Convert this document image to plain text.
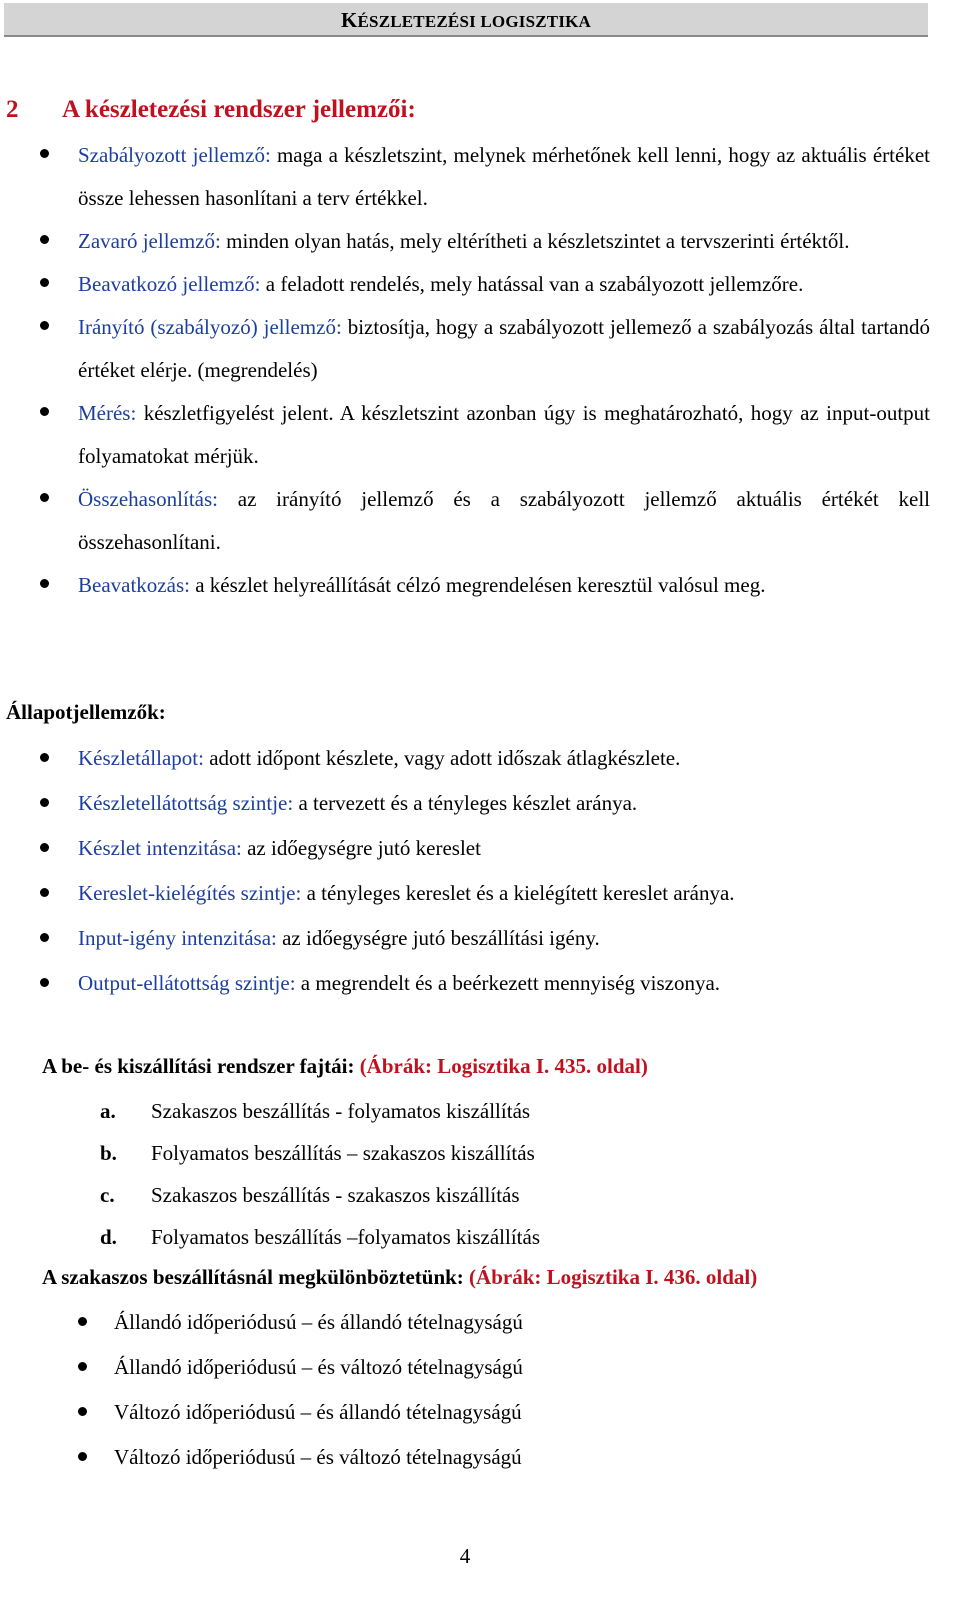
KÉSZLETEZÉSI LOGISZTIKA
2 A készletezési rendszer jellemzői:
Szabályozott jellemző: maga a készletszint, melynek mérhetőnek kell lenni, hogy az aktuális értéket össze lehessen hasonlítani a terv értékkel.
Zavaró jellemző: minden olyan hatás, mely eltérítheti a készletszintet a tervszerinti értéktől.
Beavatkozó jellemző: a feladott rendelés, mely hatással van a szabályozott jellemzőre.
Irányító (szabályozó) jellemző: biztosítja, hogy a szabályozott jellemező a szabályozás által tartandó értéket elérje. (megrendelés)
Mérés: készletfigyelést jelent. A készletszint azonban úgy is meghatározható, hogy az input-output folyamatokat mérjük.
Összehasonlítás: az irányító jellemző és a szabályozott jellemző aktuális értékét kell összehasonlítani.
Beavatkozás: a készlet helyreállítását célzó megrendelésen keresztül valósul meg.
Állapotjellemzők:
Készletállapot: adott időpont készlete, vagy adott időszak átlagkészlete.
Készletellátottság szintje: a tervezett és a tényleges készlet aránya.
Készlet intenzitása: az időegységre jutó kereslet
Kereslet-kielégítés szintje: a tényleges kereslet és a kielégített kereslet aránya.
Input-igény intenzitása: az időegységre jutó beszállítási igény.
Output-ellátottság szintje: a megrendelt és a beérkezett mennyiség viszonya.
A be- és kiszállítási rendszer fajtái: (Ábrák: Logisztika I. 435. oldal)
a. Szakaszos beszállítás - folyamatos kiszállítás
b. Folyamatos beszállítás – szakaszos kiszállítás
c. Szakaszos beszállítás - szakaszos kiszállítás
d. Folyamatos beszállítás –folyamatos kiszállítás
A szakaszos beszállításnál megkülönböztetünk: (Ábrák: Logisztika I. 436. oldal)
Állandó időperiódusú – és állandó tételnagyságú
Állandó időperiódusú – és változó tételnagyságú
Változó időperiódusú – és állandó tételnagyságú
Változó időperiódusú – és változó tételnagyságú
4
